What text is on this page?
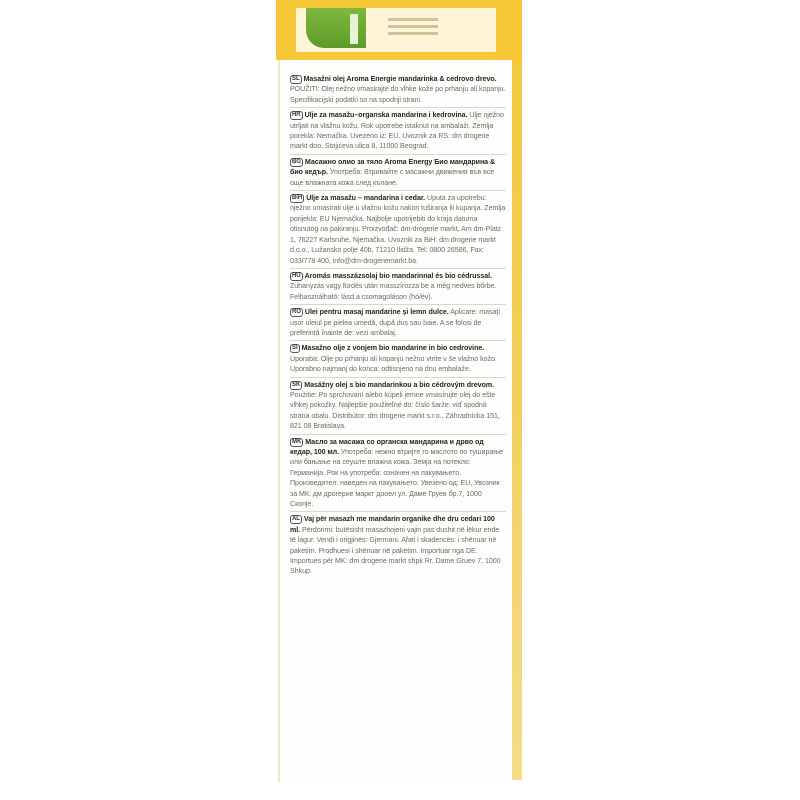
SL Masažni olej Aroma Energie mandarinka & cedrovo drevo. POUŽITI: Olej nežno vmasirajte do vlhke kože po prhanju ali kopanju. Specifikacijski podatki so na spodnji strani.

HR Ulje za masažu–organska mandarina i kedrovina. Ulje nježno utrljati na vlažnu kožu. Rok upotrebe istaknut na ambalaži. Zemlja porekla: Nemačka. Uvezeno iz: EU. Uvoznik za RS: dm drogerie markt doo, Stojićeva ulica 8, 11000 Beograd.

BG Масажно олио за тяло Aroma Energy Био мандарина & био кедър. Употреба: Втривайте с масажни движения във все още влажната кожа след къпане.

BiH Ulje za masažu – mandarina i cedar. Uputa za upotrebu: nježno umasirati ulje u vlažnu kožu nakon tuširanja ili kupanja. Zemlja porijekla: EU Njemačka. Najbolje upotrijebiti do kraja datuma otisnutog na pakiranju. Proizvođač: dm-drogerie markt, Am dm-Platz 1, 76227 Karlsruhe, Njemačka. Uvoznik za BiH: dm drogerie markt d.o.o., Lužansko polje 40b, 71210 Ilidža. Tel: 0800 26586, Fax: 033/778 400, info@dm-drogeriemarkt.ba.

HU Aromás masszázsolaj bio mandarinnal és bio cédrussal. Zuhanyzás vagy fürdés után masszírozza be a még nedves bőrbe. Felhasználható: lásd a csomagoláson (hó/év).

RO Ulei pentru masaj mandarine și lemn dulce. Aplicare: masați ușor uleiul pe pielea umedă, după duș sau baie. A se folosi de preferință înainte de: vezi ambalaj.

SI Masažno olje z vonjem bio mandarine in bio cedrovine. Uporaba: Olje po prhanju ali kopanju nežno vtrite v še vlažno kožo. Uporabno najmanj do konca: odtisnjeno na dnu embalaže.

SK Masážny olej s bio mandarinkou a bio cédrovým drevom. Použitie: Po sprchovaní alebo kúpeli jemne vmasírujte olej do ešte vlhkej pokožky. Najlepšie použiteľné do: číslo šarže: viď spodná strana obalu. Distribútor: dm drogerie markt s.r.o., Záhradnícka 151, 821 08 Bratislava.

MK Масло за масажа со органска мандарина и дрво од кедар, 100 мл. Употреба: нежно втријте го маслото по туширање или бањање на сеуште влажна кожа. Земја на потекло: Германија. Рок на употреба: означен на пакувањето. Произведител: наведен на пакувањето. Увезено од: EU, Увозник за МК: дм дрогерие маркт дооел ул. Даме Груев бр.7, 1000 Скопје.

AL Vaj për masazh me mandarin organike dhe dru cedari 100 ml. Përdorimi: butësisht masazhojeni vajin pas dushit në lëkur ende të lagur. Vendi i origjinës: Gjermani. Afati i skadencës: i shënuar në paketim. Prodhuesi i shënuar në paketim. Importuar nga DE. Importues për MK: dm drogerie markt shpk Rr. Dame Gruev 7, 1000 Shkup.
